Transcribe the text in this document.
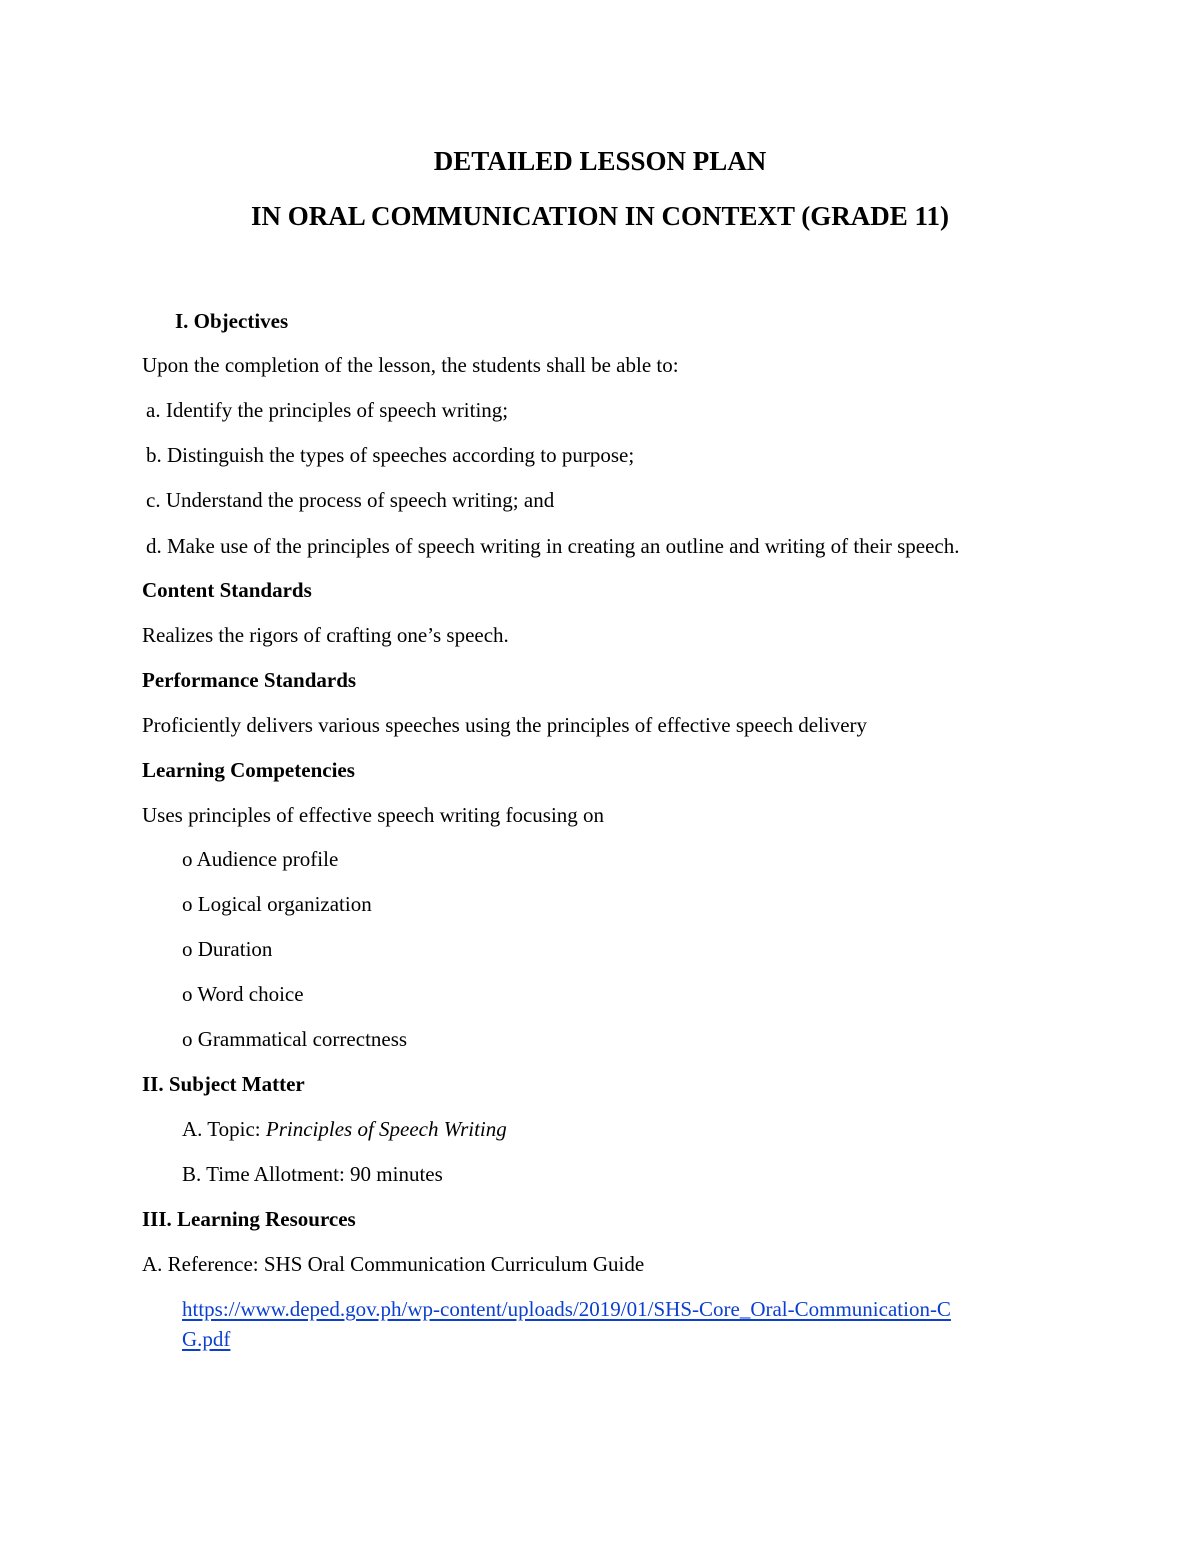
DETAILED LESSON PLAN
IN ORAL COMMUNICATION IN CONTEXT (GRADE 11)
I. Objectives
Upon the completion of the lesson, the students shall be able to:
a. Identify the principles of speech writing;
b. Distinguish the types of speeches according to purpose;
c. Understand the process of speech writing; and
d. Make use of the principles of speech writing in creating an outline and writing of their speech.
Content Standards
Realizes the rigors of crafting one’s speech.
Performance Standards
Proficiently delivers various speeches using the principles of effective speech delivery
Learning Competencies
Uses principles of effective speech writing focusing on
o Audience profile
o Logical organization
o Duration
o Word choice
o Grammatical correctness
II. Subject Matter
A. Topic: Principles of Speech Writing
B. Time Allotment: 90 minutes
III. Learning Resources
A. Reference: SHS Oral Communication Curriculum Guide
https://www.deped.gov.ph/wp-content/uploads/2019/01/SHS-Core_Oral-Communication-C
G.pdf
